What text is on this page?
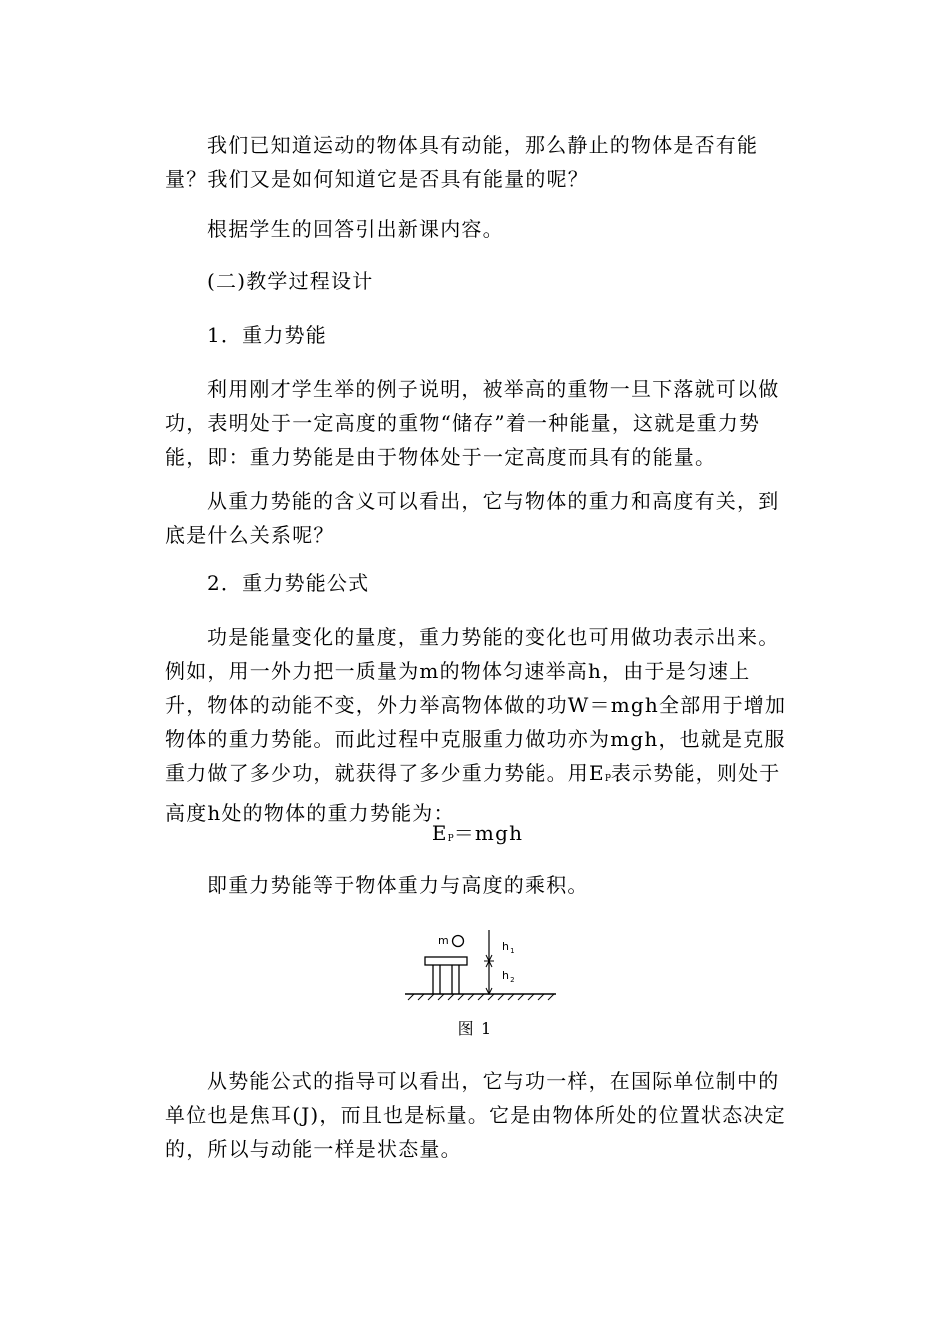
我们已知道运动的物体具有动能，那么静止的物体是否有能量？我们又是如何知道它是否具有能量的呢？

根据学生的回答引出新课内容。

(二)教学过程设计

1．重力势能

利用刚才学生举的例子说明，被举高的重物一旦下落就可以做功，表明处于一定高度的重物“储存”着一种能量，这就是重力势能，即：重力势能是由于物体处于一定高度而具有的能量。

从重力势能的含义可以看出，它与物体的重力和高度有关，到底是什么关系呢？

2．重力势能公式

功是能量变化的量度，重力势能的变化也可用做功表示出来。例如，用一外力把一质量为m的物体匀速举高h，由于是匀速上升，物体的动能不变，外力举高物体做的功W＝mgh全部用于增加物体的重力势能。而此过程中克服重力做功亦为mgh，也就是克服重力做了多少功，就获得了多少重力势能。用$E_P$表示势能，则处于高度h处的物体的重力势能为：

$E_P=mgh$

即重力势能等于物体重力与高度的乘积。

m	$h_1$
$h_2$
图 1

从势能公式的指导可以看出，它与功一样，在国际单位制中的单位也是焦耳(J)，而且也是标量。它是由物体所处的位置状态决定的，所以与动能一样是状态量。
